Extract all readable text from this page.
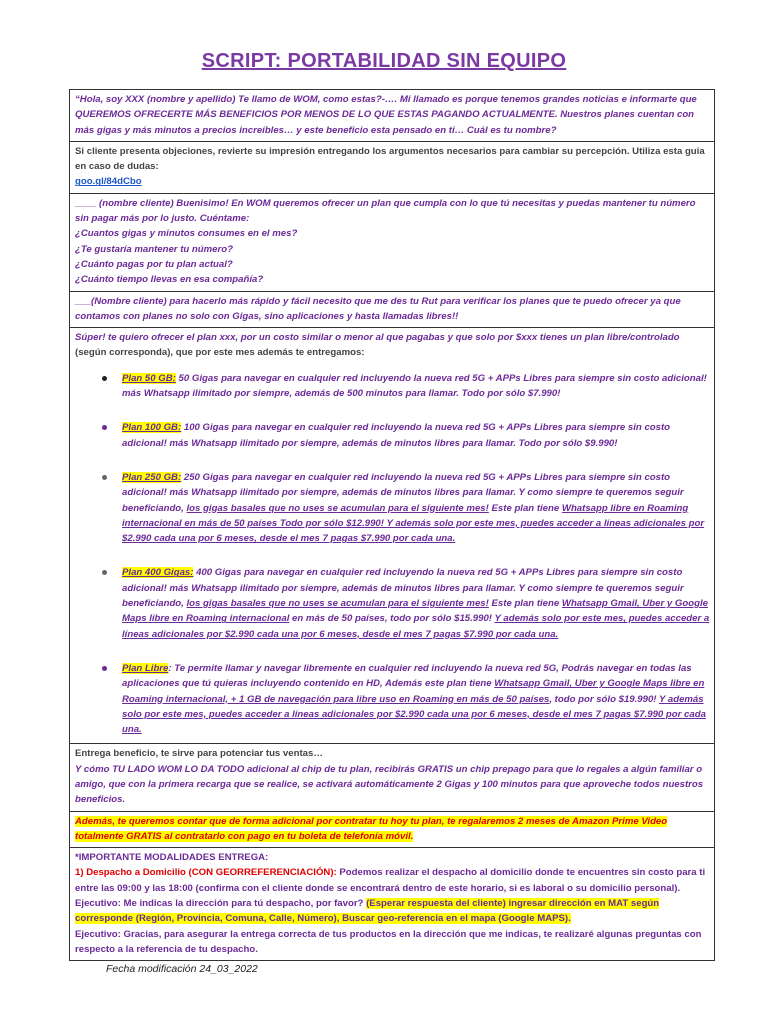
SCRIPT: PORTABILIDAD SIN EQUIPO
“Hola, soy XXX (nombre y apellido) Te llamo de WOM, como estas?-…. Mi llamado es porque tenemos grandes noticias e informarte que QUEREMOS OFRECERTE MÁS BENEFICIOS POR MENOS DE LO QUE ESTAS PAGANDO ACTUALMENTE. Nuestros planes cuentan con más gigas y más minutos a precios increíbles… y este beneficio esta pensado en ti… Cuál es tu nombre?
Si cliente presenta objeciones, revierte su impresión entregando los argumentos necesarios para cambiar su percepción. Utiliza esta guía en caso de dudas:
goo.gl/84dCbo
____ (nombre cliente) Buenisimo! En WOM queremos ofrecer un plan que cumpla con lo que tú necesitas y puedas mantener tu número sin pagar más por lo justo. Cuéntame:
¿Cuantos gigas y minutos consumes en el mes?
¿Te gustaría mantener tu número?
¿Cuánto pagas por tu plan actual?
¿Cuánto tiempo llevas en esa compañía?
___(Nombre cliente) para hacerlo más rápido y fácil necesito que me des tu Rut para verificar los planes que te puedo ofrecer ya que contamos con planes no solo con Gigas, sino aplicaciones y hasta llamadas libres!!
Súper! te quiero ofrecer el plan xxx, por un costo similar o menor al que pagabas y que solo por $xxx tienes un plan libre/controlado (según corresponda), que por este mes además te entregamos:
Plan 50 GB: 50 Gigas para navegar en cualquier red incluyendo la nueva red 5G + APPs Libres para siempre sin costo adicional! más Whatsapp ilimitado por siempre, además de 500 minutos para llamar. Todo por sólo $7.990!
Plan 100 GB: 100 Gigas para navegar en cualquier red incluyendo la nueva red 5G + APPs Libres para siempre sin costo adicional! más Whatsapp ilimitado por siempre, además de minutos libres para llamar. Todo por sólo $9.990!
Plan 250 GB: 250 Gigas para navegar en cualquier red incluyendo la nueva red 5G + APPs Libres para siempre sin costo adicional! más Whatsapp ilimitado por siempre, además de minutos libres para llamar. Y como siempre te queremos seguir beneficiando, los gigas basales que no uses se acumulan para el siguiente mes! Este plan tiene Whatsapp libre en Roaming internacional en más de 50 países Todo por sólo $12.990! Y además solo por este mes, puedes acceder a líneas adicionales por $2.990 cada una por 6 meses, desde el mes 7 pagas $7.990 por cada una.
Plan 400 Gigas: 400 Gigas para navegar en cualquier red incluyendo la nueva red 5G + APPs Libres para siempre sin costo adicional! más Whatsapp ilimitado por siempre, además de minutos libres para llamar. Y como siempre te queremos seguir beneficiando, los gigas basales que no uses se acumulan para el siguiente mes! Este plan tiene Whatsapp Gmail, Uber y Google Maps libre en Roaming internacional en más de 50 países, todo por sólo $15.990! Y además solo por este mes, puedes acceder a líneas adicionales por $2.990 cada una por 6 meses, desde el mes 7 pagas $7.990 por cada una.
Plan Libre: Te permite llamar y navegar libremente en cualquier red incluyendo la nueva red 5G, Podrás navegar en todas las aplicaciones que tú quieras incluyendo contenido en HD, Además este plan tiene Whatsapp Gmail, Uber y Google Maps libre en Roaming internacional, + 1 GB de navegación para libre uso en Roaming en más de 50 países, todo por sólo $19.990! Y además solo por este mes, puedes acceder a líneas adicionales por $2.990 cada una por 6 meses, desde el mes 7 pagas $7.990 por cada una.
Entrega beneficio, te sirve para potenciar tus ventas…
Y cómo TU LADO WOM LO DA TODO adicional al chip de tu plan, recibirás GRATIS un chip prepago para que lo regales a algún familiar o amigo, que con la primera recarga que se realice, se activará automáticamente 2 Gigas y 100 minutos para que aproveche todos nuestros beneficios.
Además, te queremos contar que de forma adicional por contratar tu hoy tu plan, te regalaremos 2 meses de Amazon Prime Video totalmente GRATIS al contratarlo con pago en tu boleta de telefonía móvil.
*IMPORTANTE MODALIDADES ENTREGA:
1) Despacho a Domicilio (CON GEORREFERENCIACIÓN): Podemos realizar el despacho al domicilio donde te encuentres sin costo para ti entre las 09:00 y las 18:00 (confirma con el cliente donde se encontrará dentro de este horario, si es laboral o su domicilio personal).
Ejecutivo: Me indicas la dirección para tú despacho, por favor? (Esperar respuesta del cliente) ingresar dirección en MAT según corresponde (Región, Provincia, Comuna, Calle, Número), Buscar geo-referencia en el mapa (Google MAPS).
Ejecutivo: Gracias, para asegurar la entrega correcta de tus productos en la dirección que me indicas, te realizaré algunas preguntas con respecto a la referencia de tu despacho.
Fecha modificación 24_03_2022
